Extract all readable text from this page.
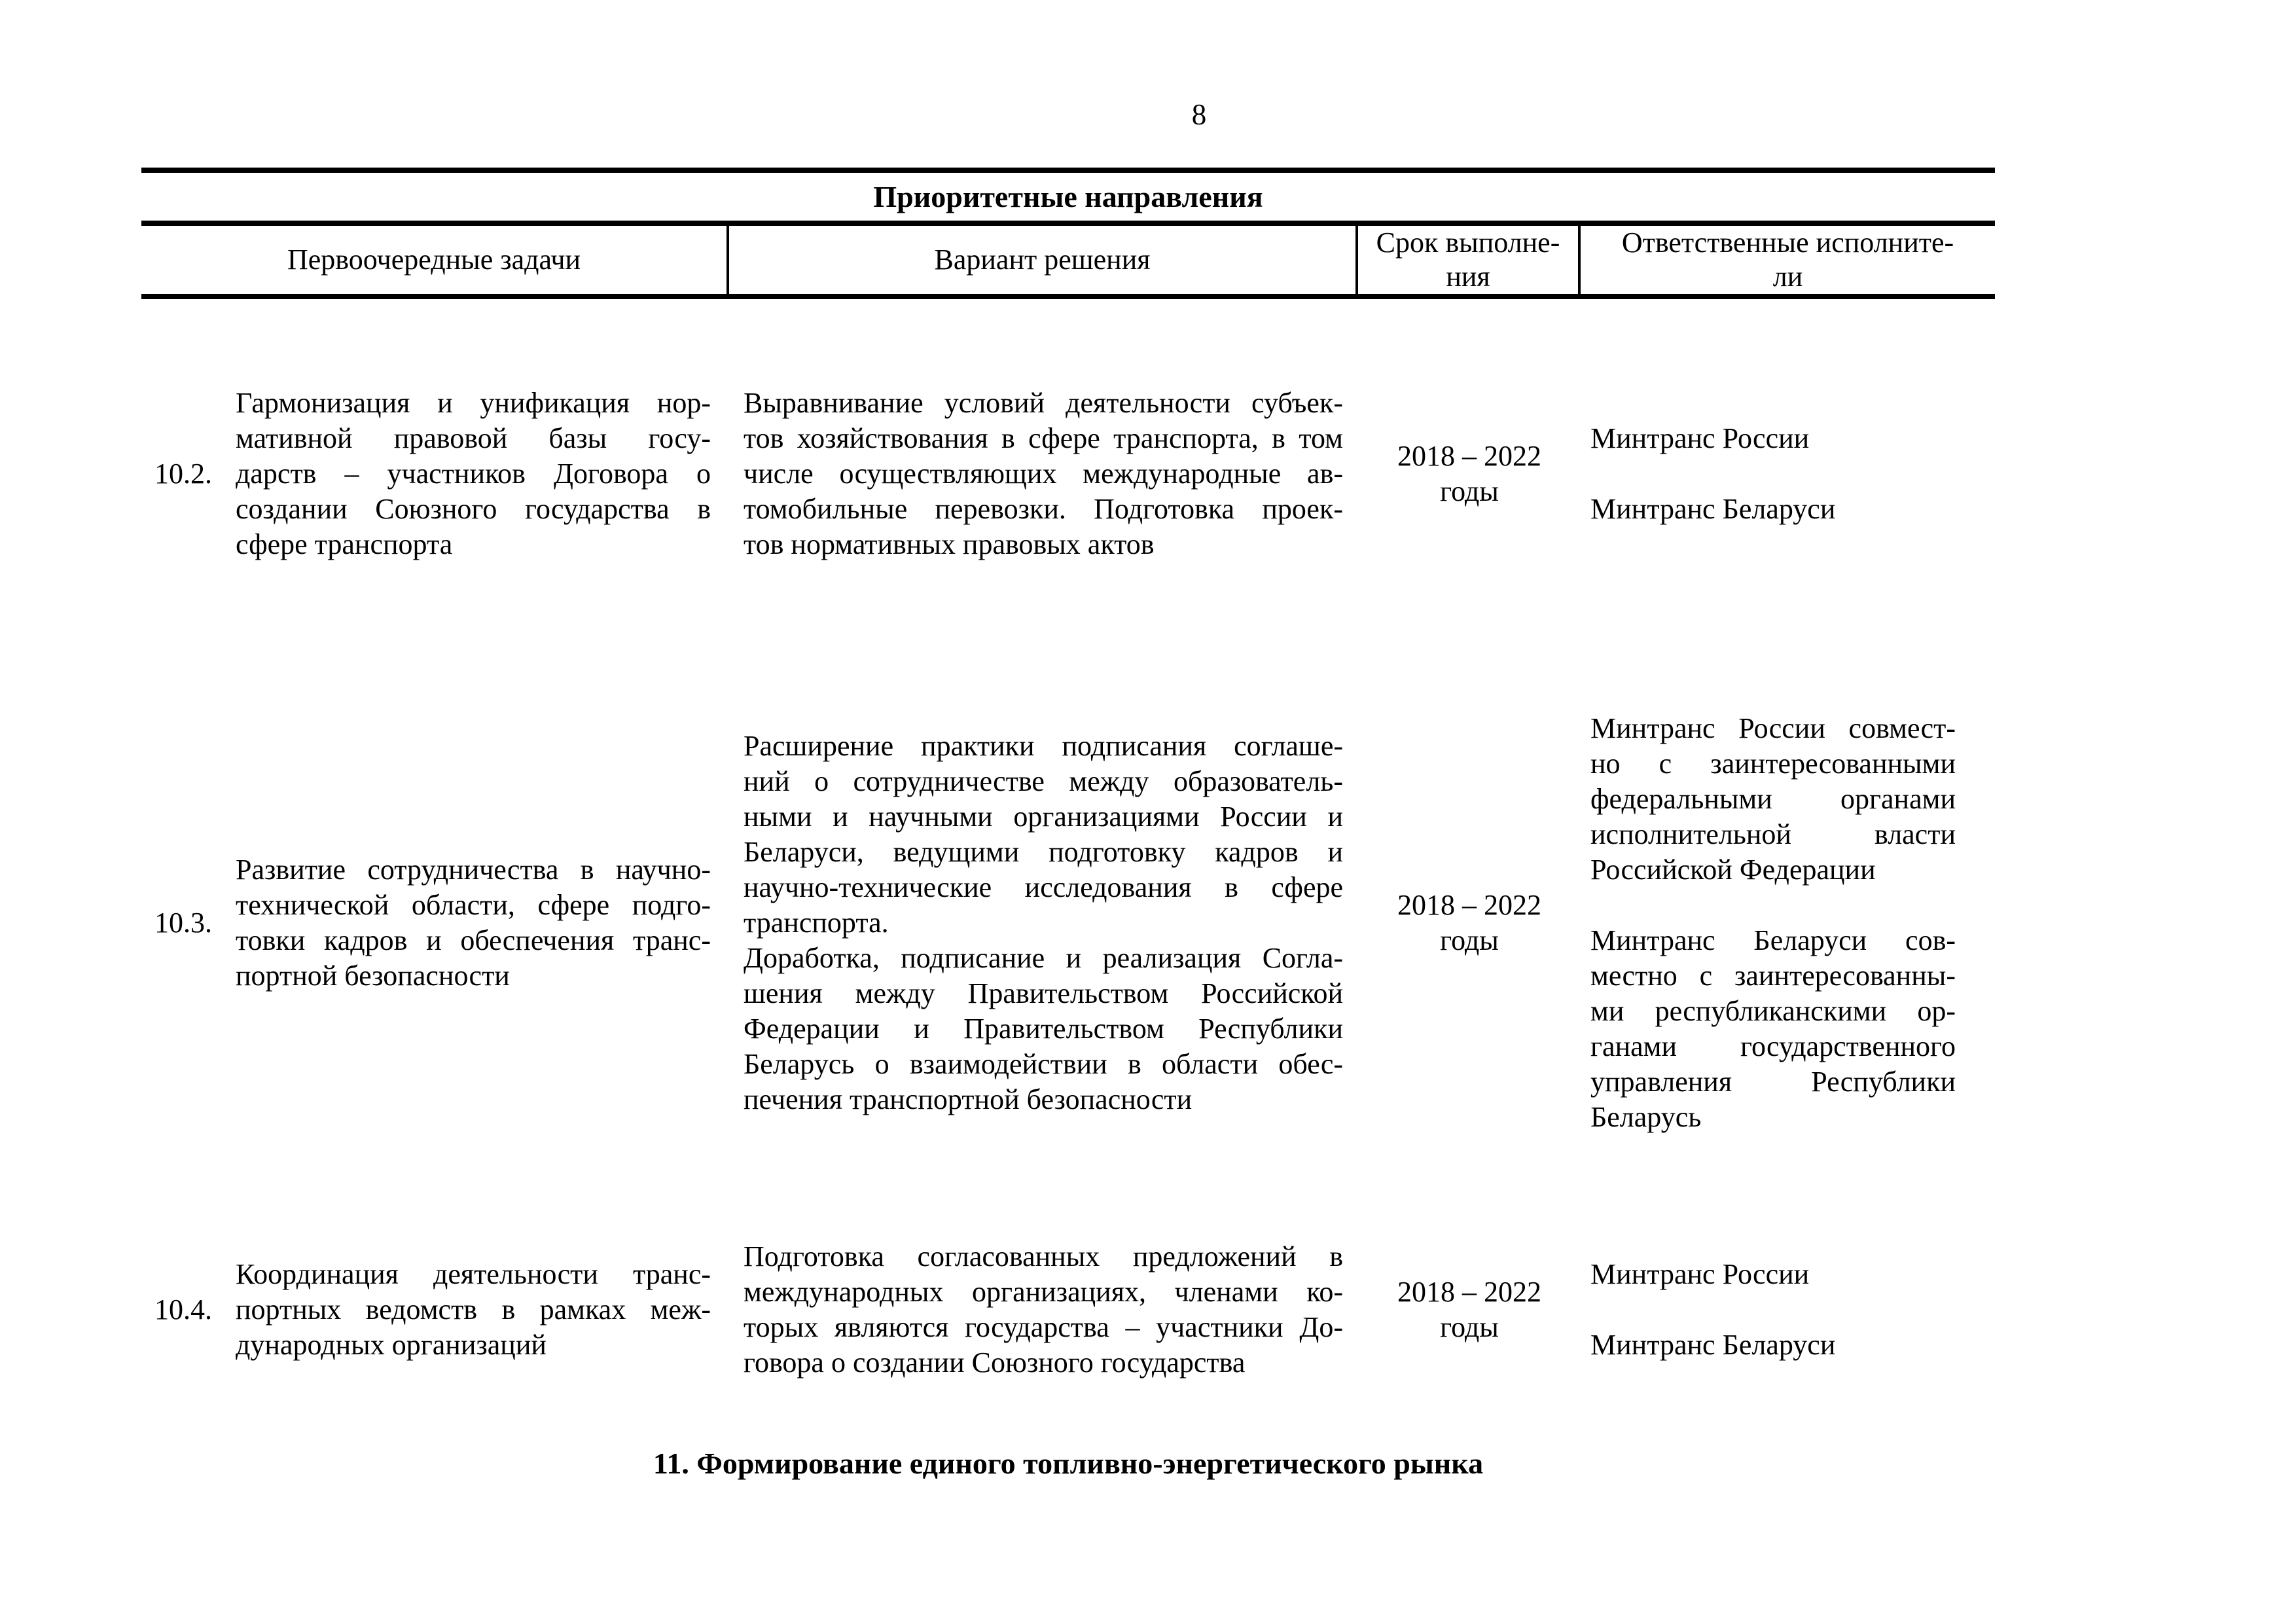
8
Приоритетные направления
Первоочередные задачи	Вариант решения
Срок выполне-
ния
Ответственные исполните-
ли
10.2.
Гармонизация и унификация нор-
мативной правовой базы госу-
дарств – участников Договора о
создании Союзного государства в
сфере транспорта
Выравнивание условий деятельности субъек-
тов хозяйствования в сфере транспорта, в том
числе осуществляющих международные ав-
томобильные перевозки. Подготовка проек-
тов нормативных правовых актов
2018 – 2022
годы
Минтранс России
Минтранс Беларуси
10.3.
Развитие сотрудничества в научно-
технической области, сфере подго-
товки кадров и обеспечения транс-
портной безопасности
Расширение практики подписания соглаше-
ний о сотрудничестве между образователь-
ными и научными организациями России и
Беларуси, ведущими подготовку кадров и
научно-технические исследования в сфере
транспорта.
Доработка, подписание и реализация Согла-
шения между Правительством Российской
Федерации и Правительством Республики
Беларусь о взаимодействии в области обес-
печения транспортной безопасности
2018 – 2022
годы
Минтранс России совмест-
но с заинтересованными
федеральными органами
исполнительной власти
Российской Федерации
Минтранс Беларуси сов-
местно с заинтересованны-
ми республиканскими ор-
ганами государственного
управления Республики
Беларусь
10.4.
Координация деятельности транс-
портных ведомств в рамках меж-
дународных организаций
Подготовка согласованных предложений в
международных организациях, членами ко-
торых являются государства – участники До-
говора о создании Союзного государства
2018 – 2022
годы
Минтранс России
Минтранс Беларуси
11. Формирование единого топливно-энергетического рынка
